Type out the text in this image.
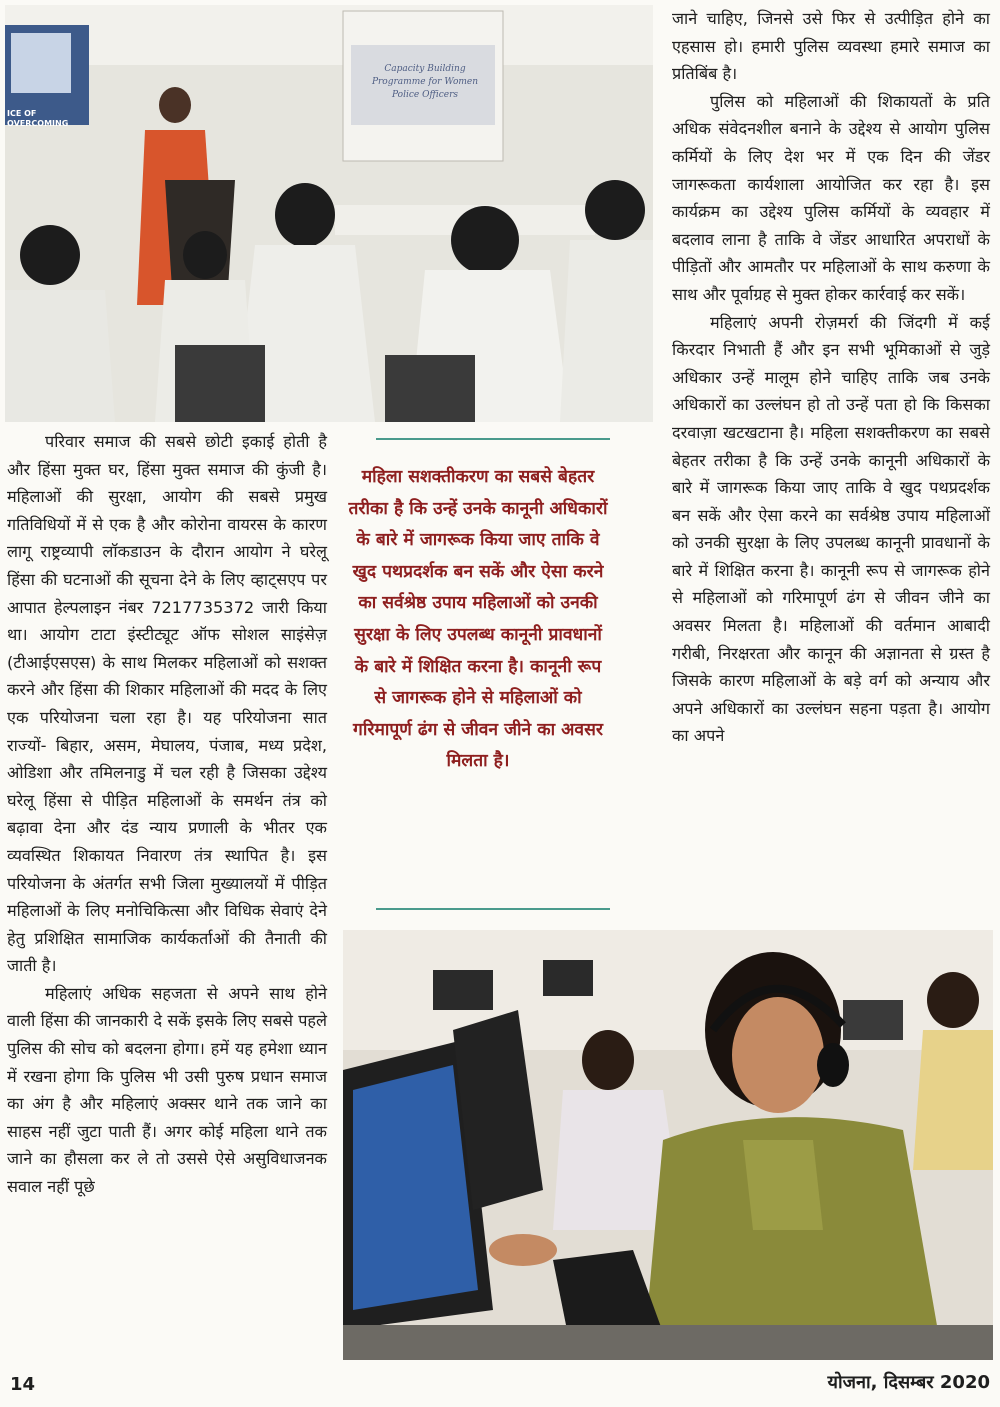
Capacity Building Programme for Women Police Officers
ICE OF OVERCOMING

परिवार समाज की सबसे छोटी इकाई होती है और हिंसा मुक्त घर, हिंसा मुक्त समाज की कुंजी है। महिलाओं की सुरक्षा, आयोग की सबसे प्रमुख गतिविधियों में से एक है और कोरोना वायरस के कारण लागू राष्ट्रव्यापी लॉकडाउन के दौरान आयोग ने घरेलू हिंसा की घटनाओं की सूचना देने के लिए व्हाट्सएप पर आपात हेल्पलाइन नंबर 7217735372 जारी किया था। आयोग टाटा इंस्टीट्यूट ऑफ सोशल साइंसेज़ (टीआईएसएस) के साथ मिलकर महिलाओं को सशक्त करने और हिंसा की शिकार महिलाओं की मदद के लिए एक परियोजना चला रहा है। यह परियोजना सात राज्यों- बिहार, असम, मेघालय, पंजाब, मध्य प्रदेश, ओडिशा और तमिलनाडु में चल रही है जिसका उद्देश्य घरेलू हिंसा से पीड़ित महिलाओं के समर्थन तंत्र को बढ़ावा देना और दंड न्याय प्रणाली के भीतर एक व्यवस्थित शिकायत निवारण तंत्र स्थापित है। इस परियोजना के अंतर्गत सभी जिला मुख्यालयों में पीड़ित महिलाओं के लिए मनोचिकित्सा और विधिक सेवाएं देने हेतु प्रशिक्षित सामाजिक कार्यकर्ताओं की तैनाती की जाती है।

महिलाएं अधिक सहजता से अपने साथ होने वाली हिंसा की जानकारी दे सकें इसके लिए सबसे पहले पुलिस की सोच को बदलना होगा। हमें यह हमेशा ध्यान में रखना होगा कि पुलिस भी उसी पुरुष प्रधान समाज का अंग है और महिलाएं अक्सर थाने तक जाने का साहस नहीं जुटा पाती हैं। अगर कोई महिला थाने तक जाने का हौसला कर ले तो उससे ऐसे असुविधाजनक सवाल नहीं पूछे

महिला सशक्तीकरण का सबसे बेहतर तरीका है कि उन्हें उनके कानूनी अधिकारों के बारे में जागरूक किया जाए ताकि वे खुद पथप्रदर्शक बन सकें और ऐसा करने का सर्वश्रेष्ठ उपाय महिलाओं को उनकी सुरक्षा के लिए उपलब्ध कानूनी प्रावधानों के बारे में शिक्षित करना है। कानूनी रूप से जागरूक होने से महिलाओं को गरिमापूर्ण ढंग से जीवन जीने का अवसर मिलता है।

जाने चाहिए, जिनसे उसे फिर से उत्पीड़ित होने का एहसास हो। हमारी पुलिस व्यवस्था हमारे समाज का प्रतिबिंब है।

पुलिस को महिलाओं की शिकायतों के प्रति अधिक संवेदनशील बनाने के उद्देश्य से आयोग पुलिस कर्मियों के लिए देश भर में एक दिन की जेंडर जागरूकता कार्यशाला आयोजित कर रहा है। इस कार्यक्रम का उद्देश्य पुलिस कर्मियों के व्यवहार में बदलाव लाना है ताकि वे जेंडर आधारित अपराधों के पीड़ितों और आमतौर पर महिलाओं के साथ करुणा के साथ और पूर्वाग्रह से मुक्त होकर कार्रवाई कर सकें।

महिलाएं अपनी रोज़मर्रा की जिंदगी में कई किरदार निभाती हैं और इन सभी भूमिकाओं से जुड़े अधिकार उन्हें मालूम होने चाहिए ताकि जब उनके अधिकारों का उल्लंघन हो तो उन्हें पता हो कि किसका दरवाज़ा खटखटाना है। महिला सशक्तीकरण का सबसे बेहतर तरीका है कि उन्हें उनके कानूनी अधिकारों के बारे में जागरूक किया जाए ताकि वे खुद पथप्रदर्शक बन सकें और ऐसा करने का सर्वश्रेष्ठ उपाय महिलाओं को उनकी सुरक्षा के लिए उपलब्ध कानूनी प्रावधानों के बारे में शिक्षित करना है। कानूनी रूप से जागरूक होने से महिलाओं को गरिमापूर्ण ढंग से जीवन जीने का अवसर मिलता है। महिलाओं की वर्तमान आबादी गरीबी, निरक्षरता और कानून की अज्ञानता से ग्रस्त है जिसके कारण महिलाओं के बड़े वर्ग को अन्याय और अपने अधिकारों का उल्लंघन सहना पड़ता है। आयोग का अपने

14	योजना, दिसम्बर 2020
